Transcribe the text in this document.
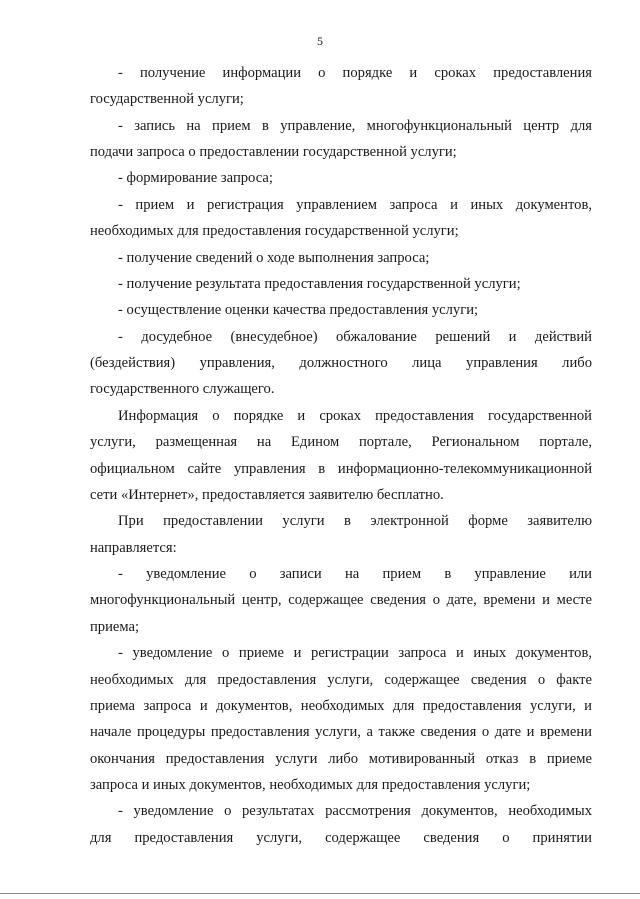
5
- получение информации о порядке и сроках предоставления
государственной услуги;
- запись на прием в управление, многофункциональный центр для
подачи запроса о предоставлении государственной услуги;
- формирование запроса;
- прием и регистрация управлением запроса и иных документов,
необходимых для предоставления государственной услуги;
- получение сведений о ходе выполнения запроса;
- получение результата предоставления государственной услуги;
- осуществление оценки качества предоставления услуги;
- досудебное (внесудебное) обжалование решений и действий
(бездействия) управления, должностного лица управления либо
государственного служащего.
Информация о порядке и сроках предоставления государственной
услуги, размещенная на Едином портале, Региональном портале,
официальном сайте управления в информационно-телекоммуникационной
сети «Интернет», предоставляется заявителю бесплатно.
При предоставлении услуги в электронной форме заявителю
направляется:
- уведомление о записи на прием в управление или
многофункциональный центр, содержащее сведения о дате, времени и месте
приема;
- уведомление о приеме и регистрации запроса и иных документов,
необходимых для предоставления услуги, содержащее сведения о факте
приема запроса и документов, необходимых для предоставления услуги, и
начале процедуры предоставления услуги, а также сведения о дате и времени
окончания предоставления услуги либо мотивированный отказ в приеме
запроса и иных документов, необходимых для предоставления услуги;
- уведомление о результатах рассмотрения документов, необходимых
для предоставления услуги, содержащее сведения о принятии
